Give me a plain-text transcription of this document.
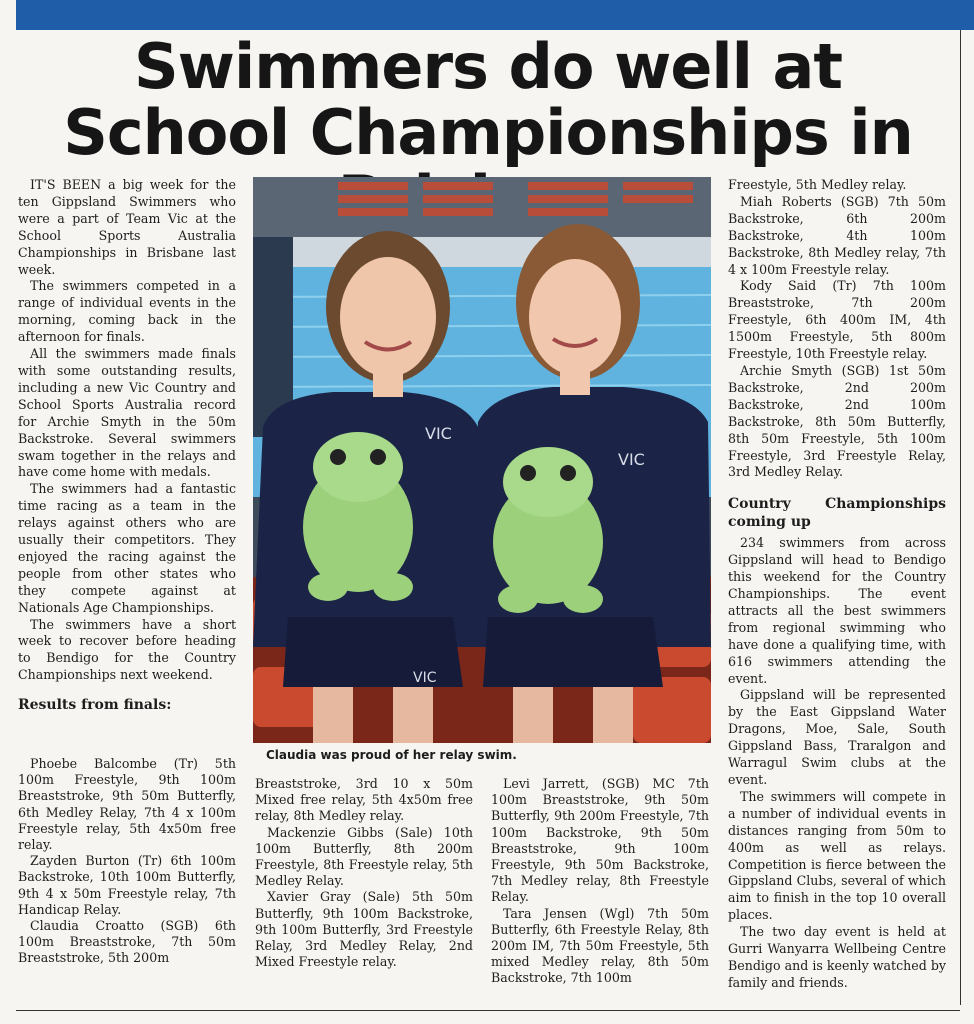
Swimmers do well at School Championships in

IT'S BEEN a big week for the ten Gippsland Swimmers who were a part of Team Vic at the School Sports Australia Championships in Brisbane last week.

The swimmers competed in a range of individual events in the morning, coming back in the afternoon for finals.

All the swimmers made finals with some outstanding results, including a new Vic Country and School Sports Australia record for Archie Smyth in the 50m Backstroke. Several swimmers swam together in the relays and have come home with medals.

The swimmers had a fantastic time racing as a team in the relays against others who are usually their competitors. They enjoyed the racing against the people from other states who they compete against at Nationals Age Championships.

The swimmers have a short week to recover before heading to Bendigo for the Country Championships next weekend.

Results from finals:

Phoebe Balcombe (Tr) 5th 100m Freestyle, 9th 100m Breaststroke, 9th 50m Butterfly, 6th Medley Relay, 7th 4 x 100m Freestyle relay, 5th 4x50m free relay.

Zayden Burton (Tr) 6th 100m Backstroke, 10th 100m Butterfly, 9th 4 x 50m Freestyle relay, 7th Handicap Relay.

Claudia Croatto (SGB) 6th 100m Breaststroke, 7th 50m Breaststroke, 5th 200m

Breaststroke, 3rd 10 x 50m Mixed free relay, 5th 4x50m free relay, 8th Medley relay.

Mackenzie Gibbs (Sale) 10th 100m Butterfly, 8th 200m Freestyle, 8th Freestyle relay, 5th Medley Relay.

Xavier Gray (Sale) 5th 50m Butterfly, 9th 100m Backstroke, 9th 100m Butterfly, 3rd Freestyle Relay, 3rd Medley Relay, 2nd Mixed Freestyle relay.

Levi Jarrett, (SGB) MC 7th 100m Breaststroke, 9th 50m Butterfly, 9th 200m Freestyle, 7th 100m Backstroke, 9th 50m Breaststroke, 9th 100m Freestyle, 9th 50m Backstroke, 7th Medley relay, 8th Freestyle Relay.

Tara Jensen (Wgl) 7th 50m Butterfly, 6th Freestyle Relay, 8th 200m IM, 7th 50m Freestyle, 5th mixed Medley relay, 8th 50m Backstroke, 7th 100m

VIC
VIC
VIC
Claudia was proud of her relay swim.

Freestyle, 5th Medley relay.

Miah Roberts (SGB) 7th 50m Backstroke, 6th 200m Backstroke, 4th 100m Backstroke, 8th Medley relay, 7th 4 x 100m Freestyle relay.

Kody Said (Tr) 7th 100m Breaststroke, 7th 200m Freestyle, 6th 400m IM, 4th 1500m Freestyle, 5th 800m Freestyle, 10th Freestyle relay.

Archie Smyth (SGB) 1st 50m Backstroke, 2nd 200m Backstroke, 2nd 100m Backstroke, 8th 50m Butterfly, 8th 50m Freestyle, 5th 100m Freestyle, 3rd Freestyle Relay, 3rd Medley Relay.

Country Championships coming up

234 swimmers from across Gippsland will head to Bendigo this weekend for the Country Championships. The event attracts all the best swimmers from regional swimming who have done a qualifying time, with 616 swimmers attending the event.

Gippsland will be represented by the East Gippsland Water Dragons, Moe, Sale, South Gippsland Bass, Traralgon and Warragul Swim clubs at the event.

The swimmers will compete in a number of individual events in distances ranging from 50m to 400m as well as relays. Competition is fierce between the Gippsland Clubs, several of which aim to finish in the top 10 overall places.

The two day event is held at Gurri Wanyarra Wellbeing Centre Bendigo and is keenly watched by family and friends.
